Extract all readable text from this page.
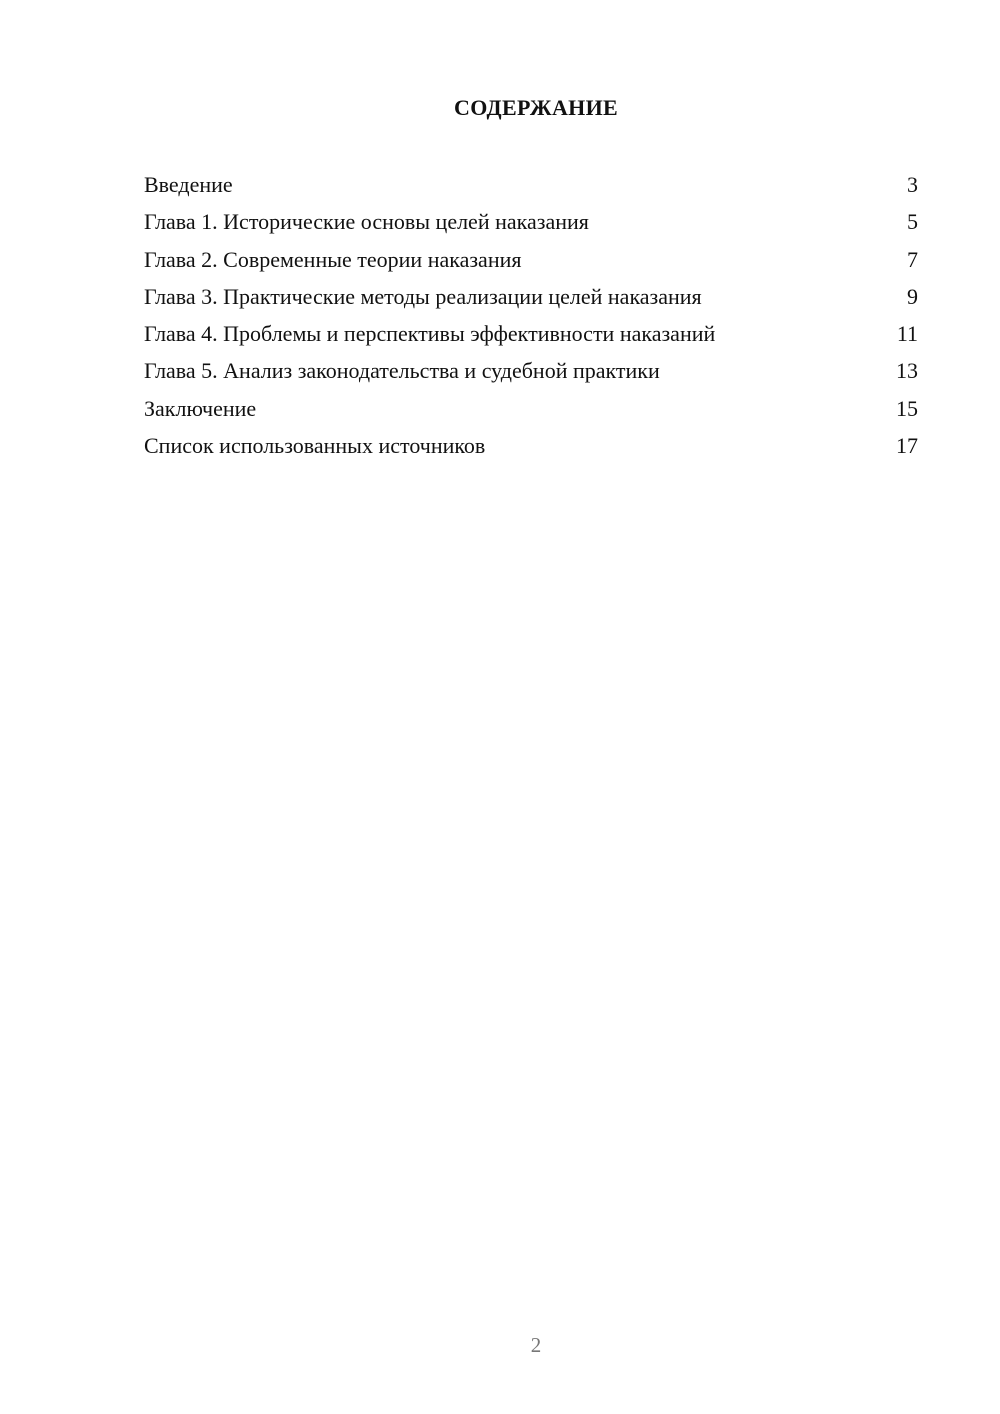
СОДЕРЖАНИЕ
Введение	3
Глава 1. Исторические основы целей наказания	5
Глава 2. Современные теории наказания	7
Глава 3. Практические методы реализации целей наказания	9
Глава 4. Проблемы и перспективы эффективности наказаний	11
Глава 5. Анализ законодательства и судебной практики	13
Заключение	15
Список использованных источников	17
2
